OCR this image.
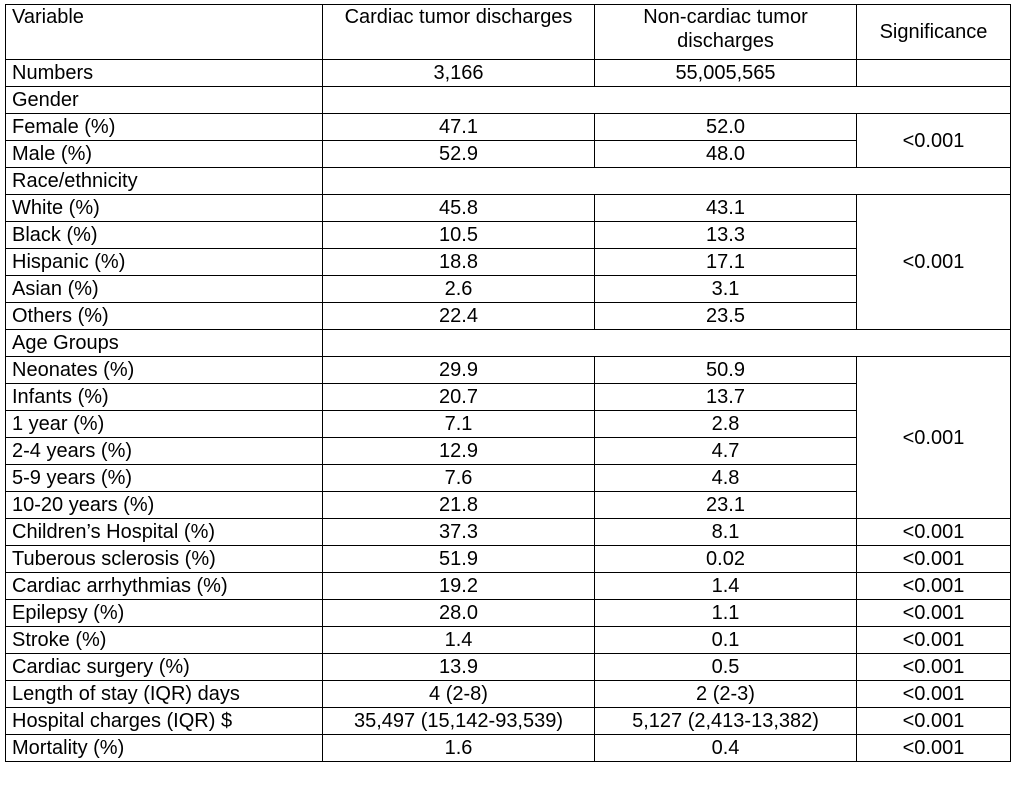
Variable	Cardiac tumor discharges	Non-cardiac tumor discharges	Significance
Numbers	3,166	55,005,565	
Gender			
Female (%)	47.1	52.0	<0.001
Male (%)	52.9	48.0	
Race/ethnicity			
White (%)	45.8	43.1	<0.001
Black (%)	10.5	13.3	
Hispanic (%)	18.8	17.1	
Asian (%)	2.6	3.1	
Others (%)	22.4	23.5	
Age Groups			
Neonates (%)	29.9	50.9	<0.001
Infants (%)	20.7	13.7	
1 year (%)	7.1	2.8	
2-4 years (%)	12.9	4.7	
5-9 years (%)	7.6	4.8	
10-20 years (%)	21.8	23.1	
Children’s Hospital (%)	37.3	8.1	<0.001
Tuberous sclerosis (%)	51.9	0.02	<0.001
Cardiac arrhythmias (%)	19.2	1.4	<0.001
Epilepsy (%)	28.0	1.1	<0.001
Stroke (%)	1.4	0.1	<0.001
Cardiac surgery (%)	13.9	0.5	<0.001
Length of stay (IQR) days	4 (2-8)	2 (2-3)	<0.001
Hospital charges (IQR) $	35,497 (15,142-93,539)	5,127 (2,413-13,382)	<0.001
Mortality (%)	1.6	0.4	<0.001
